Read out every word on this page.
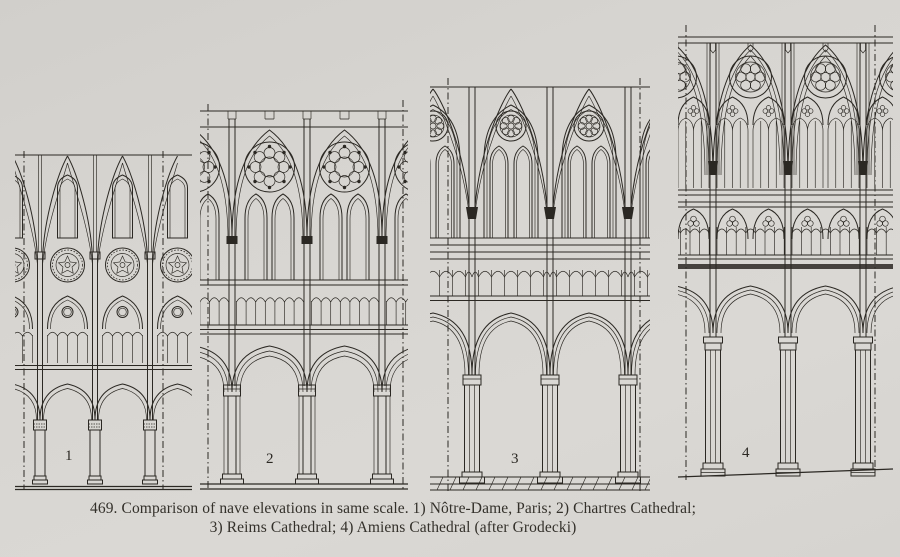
1	2	3	4
469. Comparison of nave elevations in same scale. 1) Nôtre-Dame, Paris; 2) Chartres Cathedral;
3) Reims Cathedral; 4) Amiens Cathedral (after Grodecki)
